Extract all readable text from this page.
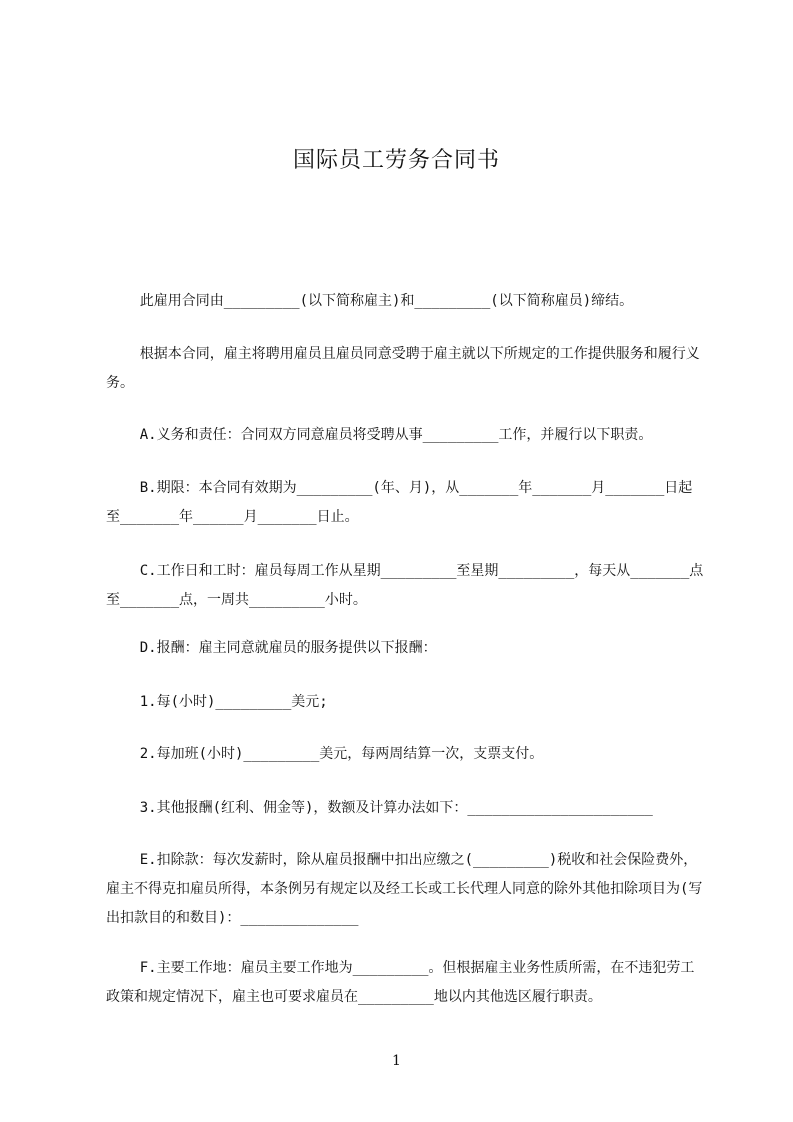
国际员工劳务合同书

此雇用合同由_________(以下简称雇主)和_________(以下简称雇员)缔结。

根据本合同，雇主将聘用雇员且雇员同意受聘于雇主就以下所规定的工作提供服务和履行义务。

A.义务和责任：合同双方同意雇员将受聘从事_________工作，并履行以下职责。

B.期限：本合同有效期为_________(年、月)，从_______年_______月_______日起至_______年______月_______日止。

C.工作日和工时：雇员每周工作从星期_________至星期_________，每天从_______点至_______点，一周共_________小时。

D.报酬：雇主同意就雇员的服务提供以下报酬：

1.每(小时)_________美元;

2.每加班(小时)_________美元，每两周结算一次，支票支付。

3.其他报酬(红利、佣金等)，数额及计算办法如下：______________________

E.扣除款：每次发薪时，除从雇员报酬中扣出应缴之(_________)税收和社会保险费外，雇主不得克扣雇员所得，本条例另有规定以及经工长或工长代理人同意的除外其他扣除项目为(写出扣款目的和数目)：______________

F.主要工作地：雇员主要工作地为_________。但根据雇主业务性质所需，在不违犯劳工政策和规定情况下，雇主也可要求雇员在_________地以内其他选区履行职责。

1
